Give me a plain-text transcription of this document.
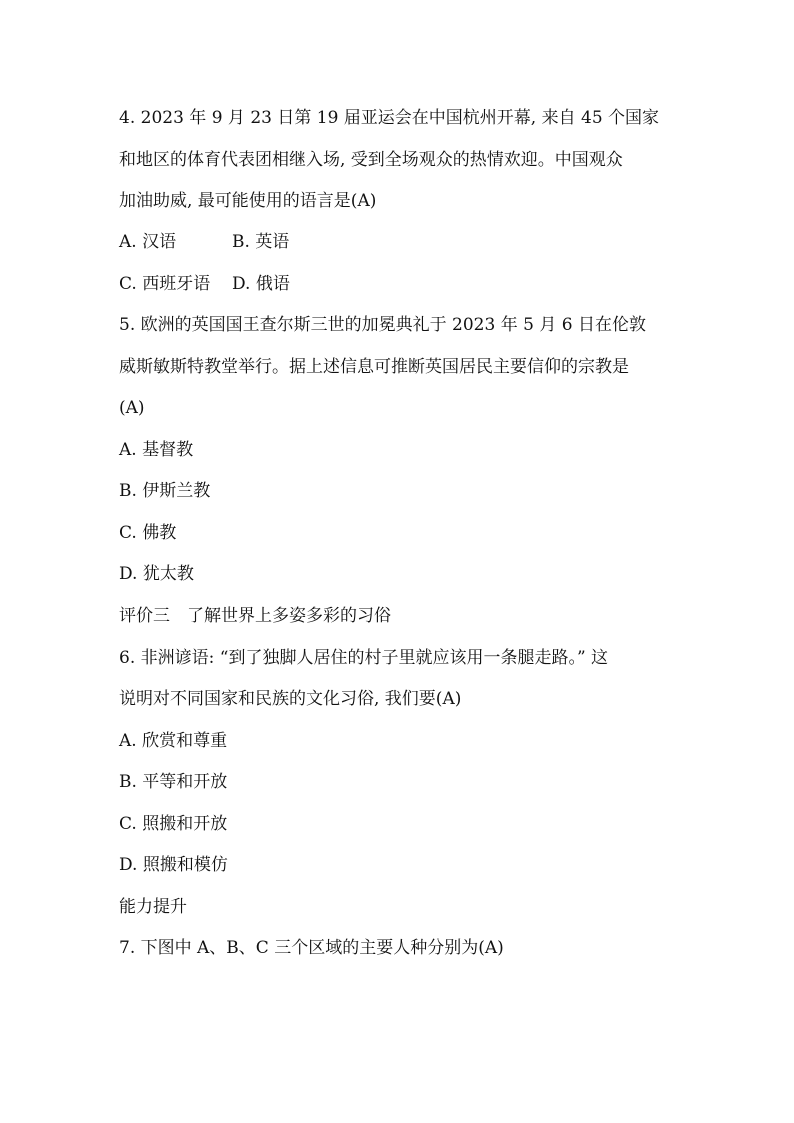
4. 2023 年 9 月 23 日第 19 届亚运会在中国杭州开幕, 来自 45 个国家
和地区的体育代表团相继入场, 受到全场观众的热情欢迎。中国观众
加油助威, 最可能使用的语言是(A)
A. 汉语	B. 英语
C. 西班牙语 D. 俄语
5. 欧洲的英国国王查尔斯三世的加冕典礼于 2023 年 5 月 6 日在伦敦
威斯敏斯特教堂举行。据上述信息可推断英国居民主要信仰的宗教是
(A)
A. 基督教
B. 伊斯兰教
C. 佛教
D. 犹太教
评价三　了解世界上多姿多彩的习俗
6. 非洲谚语: “到了独脚人居住的村子里就应该用一条腿走路。” 这
说明对不同国家和民族的文化习俗, 我们要(A)
A. 欣赏和尊重
B. 平等和开放
C. 照搬和开放
D. 照搬和模仿
能力提升
7. 下图中 A、B、C 三个区域的主要人种分别为(A)
